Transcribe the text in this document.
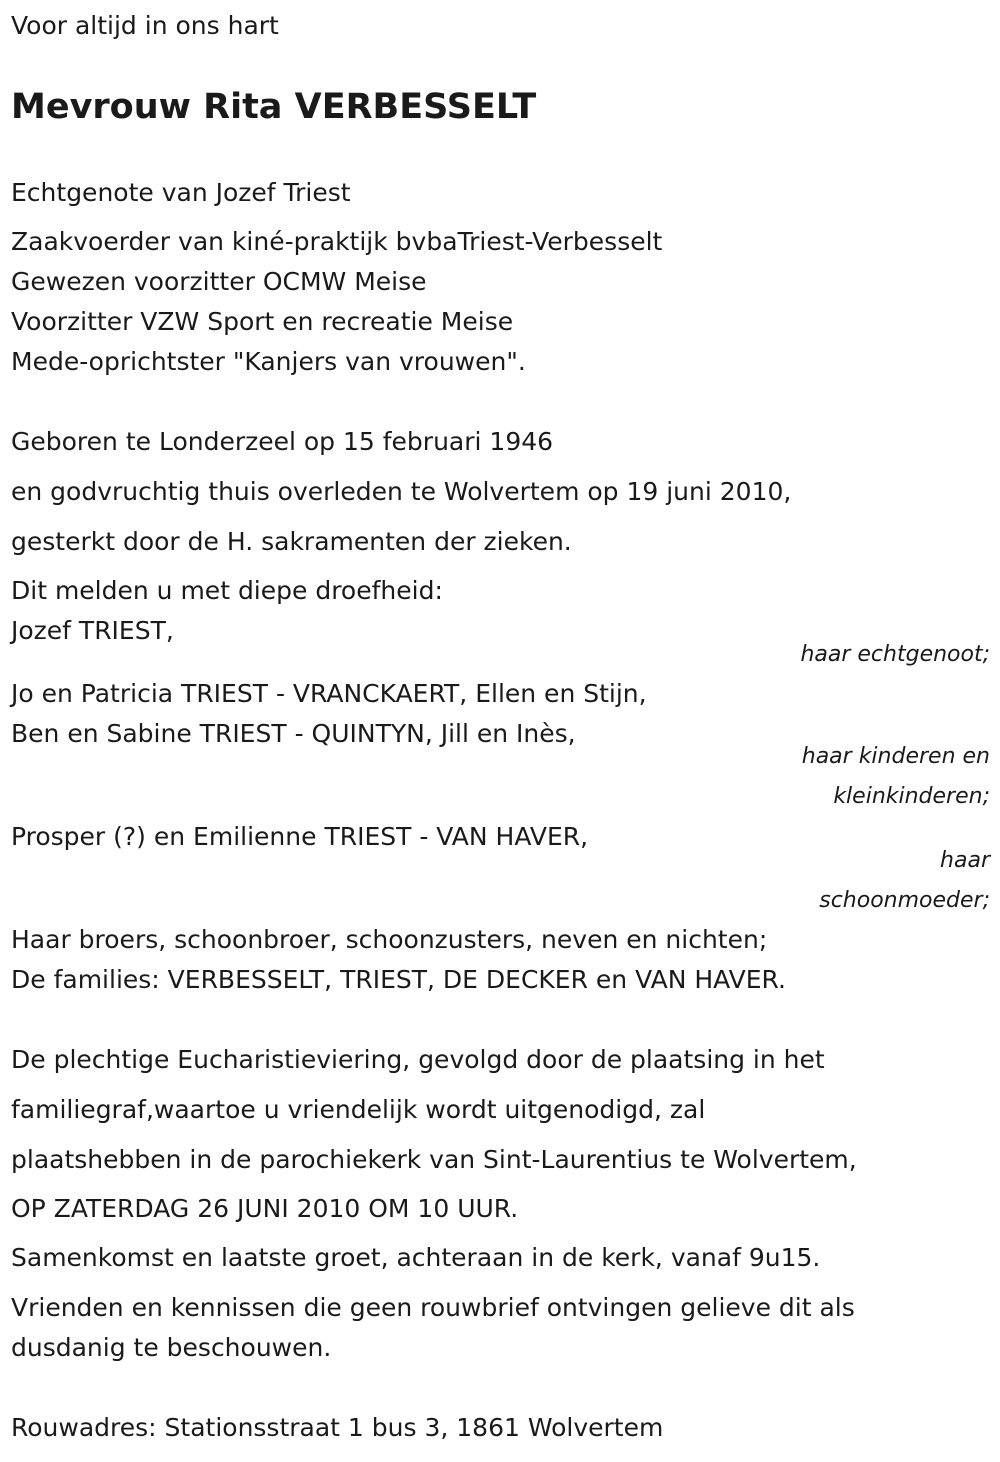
Voor altijd in ons hart

Mevrouw Rita VERBESSELT

Echtgenote van Jozef Triest

Zaakvoerder van kiné-praktijk bvbaTriest-Verbesselt

Gewezen voorzitter OCMW Meise

Voorzitter VZW Sport en recreatie Meise

Mede-oprichtster "Kanjers van vrouwen".

Geboren te Londerzeel op 15 februari 1946

en godvruchtig thuis overleden te Wolvertem op 19 juni 2010,

gesterkt door de H. sakramenten der zieken.

Dit melden u met diepe droefheid:

Jozef TRIEST,

haar echtgenoot;

Jo en Patricia TRIEST - VRANCKAERT, Ellen en Stijn,

Ben en Sabine TRIEST - QUINTYN, Jill en Inès,

haar kinderen en
kleinkinderen;

Prosper (?) en Emilienne TRIEST - VAN HAVER,

haar
schoonmoeder;

Haar broers, schoonbroer, schoonzusters, neven en nichten;

De families: VERBESSELT, TRIEST, DE DECKER en VAN HAVER.

De plechtige Eucharistieviering, gevolgd door de plaatsing in het

familiegraf,waartoe u vriendelijk wordt uitgenodigd, zal

plaatshebben in de parochiekerk van Sint-Laurentius te Wolvertem,

OP ZATERDAG 26 JUNI 2010 OM 10 UUR.

Samenkomst en laatste groet, achteraan in de kerk, vanaf 9u15.

Vrienden en kennissen die geen rouwbrief ontvingen gelieve dit als

dusdanig te beschouwen.

Rouwadres: Stationsstraat 1 bus 3, 1861 Wolvertem
